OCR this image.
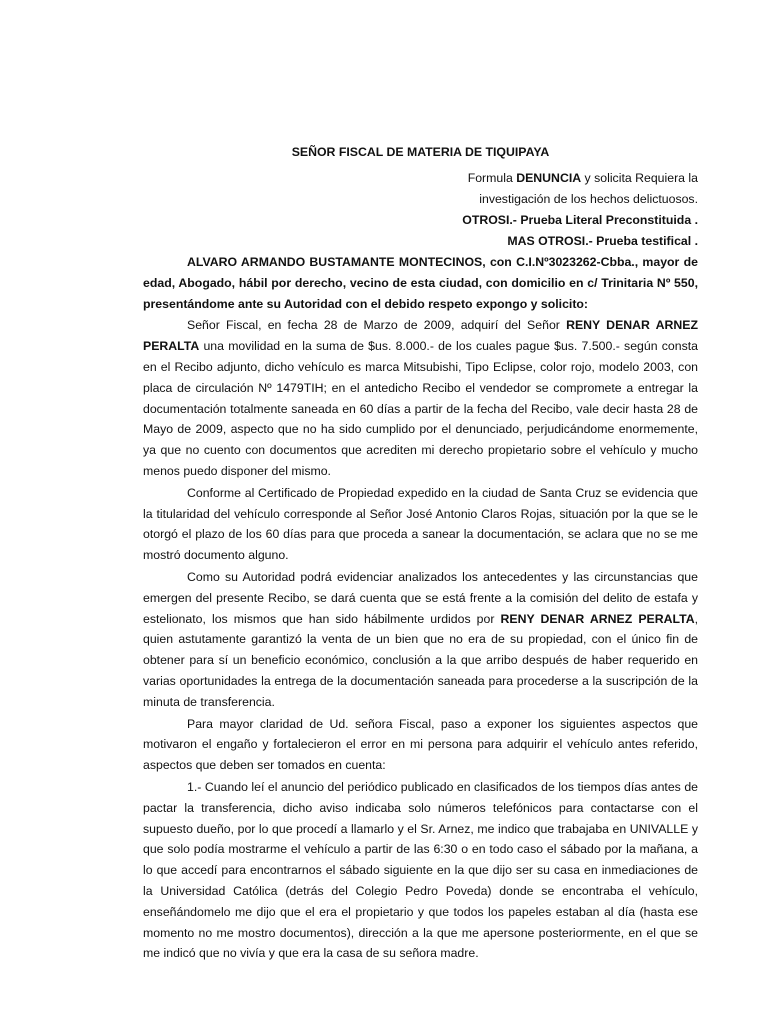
SEÑOR FISCAL DE MATERIA DE TIQUIPAYA

Formula DENUNCIA y solicita Requiera la

investigación de los hechos delictuosos.

OTROSI.- Prueba Literal Preconstituida .

MAS OTROSI.- Prueba testifical .

ALVARO ARMANDO BUSTAMANTE MONTECINOS, con C.I.Nº3023262-Cbba., mayor de edad, Abogado, hábil por derecho, vecino de esta ciudad, con domicilio en c/ Trinitaria Nº 550, presentándome ante su Autoridad con el debido respeto expongo y solicito:

Señor Fiscal, en fecha 28 de Marzo de 2009, adquirí del Señor RENY DENAR ARNEZ PERALTA una movilidad en la suma de $us. 8.000.- de los cuales pague $us. 7.500.- según consta en el Recibo adjunto, dicho vehículo es marca Mitsubishi, Tipo Eclipse, color rojo, modelo 2003, con placa de circulación Nº 1479TIH; en el antedicho Recibo el vendedor se compromete a entregar la documentación totalmente saneada en 60 días a partir de la fecha del Recibo, vale decir hasta 28 de Mayo de 2009, aspecto que no ha sido cumplido por el denunciado, perjudicándome enormemente, ya que no cuento con documentos que acrediten mi derecho propietario sobre el vehículo y mucho menos puedo disponer del mismo.

Conforme al Certificado de Propiedad expedido en la ciudad de Santa Cruz se evidencia que la titularidad del vehículo corresponde al Señor José Antonio Claros Rojas, situación por la que se le otorgó el plazo de los 60 días para que proceda a sanear la documentación, se aclara que no se me mostró documento alguno.

Como su Autoridad podrá evidenciar analizados los antecedentes y las circunstancias que emergen del presente Recibo, se dará cuenta que se está frente a la comisión del delito de estafa y estelionato, los mismos que han sido hábilmente urdidos por RENY DENAR ARNEZ PERALTA, quien astutamente garantizó la venta de un bien que no era de su propiedad, con el único fin de obtener para sí un beneficio económico, conclusión a la que arribo después de haber requerido en varias oportunidades la entrega de la documentación saneada para procederse a la suscripción de la minuta de transferencia.

Para mayor claridad de Ud. señora Fiscal, paso a exponer los siguientes aspectos que motivaron el engaño y fortalecieron el error en mi persona para adquirir el vehículo antes referido, aspectos que deben ser tomados en cuenta:

1.- Cuando leí el anuncio del periódico publicado en clasificados de los tiempos días antes de pactar la transferencia, dicho aviso indicaba solo números telefónicos para contactarse con el supuesto dueño, por lo que procedí a llamarlo y el Sr. Arnez, me indico que trabajaba en UNIVALLE y que solo podía mostrarme el vehículo a partir de las 6:30 o en todo caso el sábado por la mañana, a lo que accedí para encontrarnos el sábado siguiente en la que dijo ser su casa en inmediaciones de la Universidad Católica (detrás del Colegio Pedro Poveda) donde se encontraba el vehículo, enseñándomelo me dijo que el era el propietario y que todos los papeles estaban al día (hasta ese momento no me mostro documentos), dirección a la que me apersone posteriormente, en el que se me indicó que no vivía y que era la casa de su señora madre.
